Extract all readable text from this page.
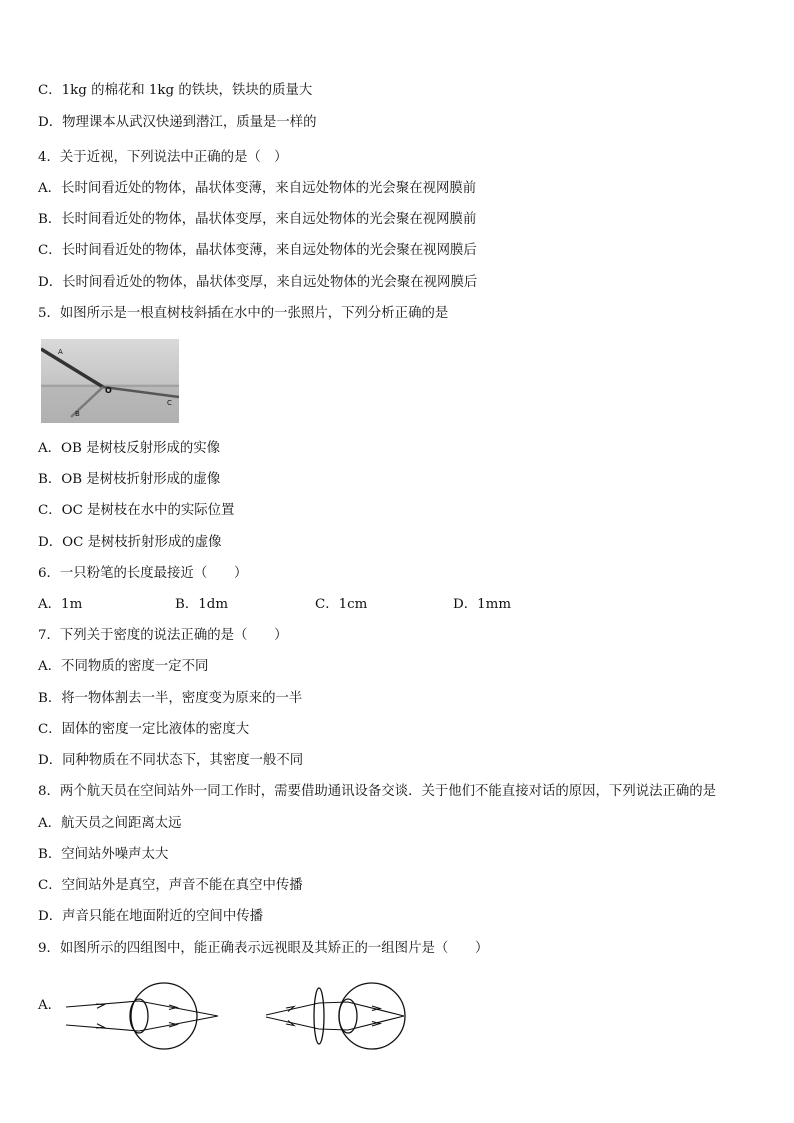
C．1kg 的棉花和 1kg 的铁块，铁块的质量大
D．物理课本从武汉快递到潜江，质量是一样的
4．关于近视，下列说法中正确的是（　）
A．长时间看近处的物体，晶状体变薄，来自远处物体的光会聚在视网膜前
B．长时间看近处的物体，晶状体变厚，来自远处物体的光会聚在视网膜前
C．长时间看近处的物体，晶状体变薄，来自远处物体的光会聚在视网膜后
D．长时间看近处的物体，晶状体变厚，来自远处物体的光会聚在视网膜后
5．如图所示是一根直树枝斜插在水中的一张照片，下列分析正确的是
A
O
B
C
A．OB 是树枝反射形成的实像
B．OB 是树枝折射形成的虚像
C．OC 是树枝在水中的实际位置
D．OC 是树枝折射形成的虚像
6．一只粉笔的长度最接近（　　）
A．1m	B．1dm	C．1cm	D．1mm
7．下列关于密度的说法正确的是（　　）
A．不同物质的密度一定不同
B．将一物体割去一半，密度变为原来的一半
C．固体的密度一定比液体的密度大
D．同种物质在不同状态下，其密度一般不同
8．两个航天员在空间站外一同工作时，需要借助通讯设备交谈．关于他们不能直接对话的原因，下列说法正确的是
A．航天员之间距离太远
B．空间站外噪声太大
C．空间站外是真空，声音不能在真空中传播
D．声音只能在地面附近的空间中传播
9．如图所示的四组图中，能正确表示远视眼及其矫正的一组图片是（　　）
A．
